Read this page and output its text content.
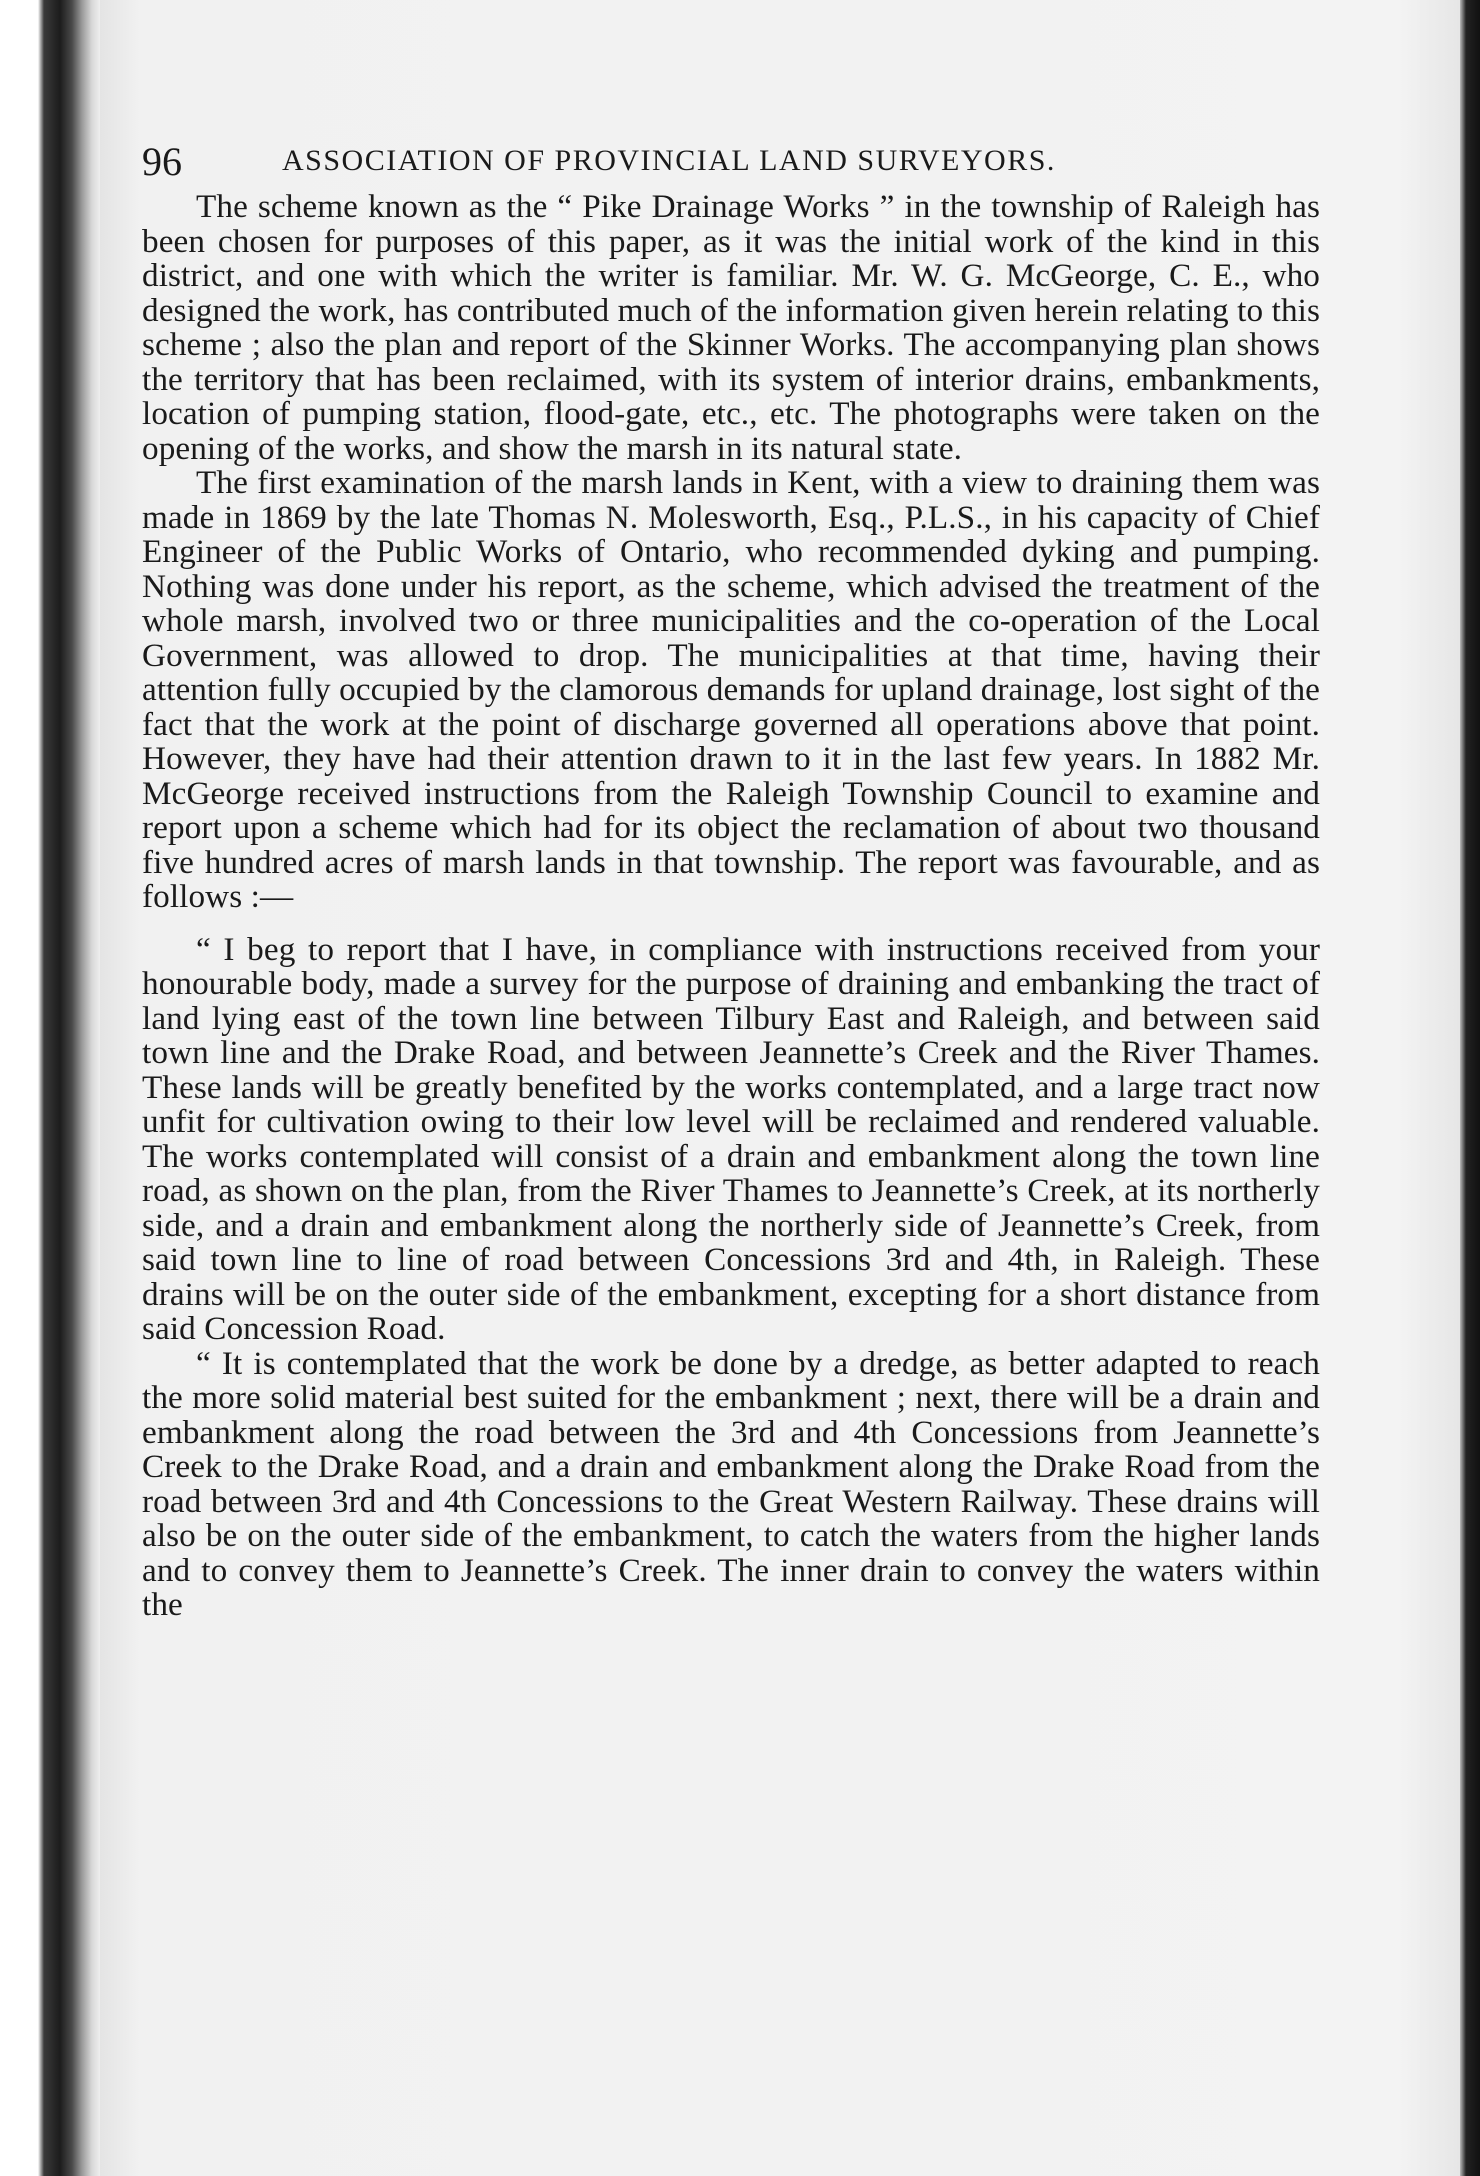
96	ASSOCIATION OF PROVINCIAL LAND SURVEYORS.

The scheme known as the “ Pike Drainage Works ” in the township of Raleigh has been chosen for purposes of this paper, as it was the initial work of the kind in this district, and one with which the writer is familiar. Mr. W. G. McGeorge, C. E., who designed the work, has contributed much of the information given herein relating to this scheme ; also the plan and report of the Skinner Works. The accompanying plan shows the territory that has been reclaimed, with its system of interior drains, embankments, location of pumping station, flood-gate, etc., etc. The photographs were taken on the opening of the works, and show the marsh in its natural state.

The first examination of the marsh lands in Kent, with a view to draining them was made in 1869 by the late Thomas N. Molesworth, Esq., P.L.S., in his capacity of Chief Engineer of the Public Works of Ontario, who recommended dyking and pumping. Nothing was done under his report, as the scheme, which advised the treatment of the whole marsh, involved two or three municipalities and the co-operation of the Local Government, was allowed to drop. The municipalities at that time, having their attention fully occupied by the clamorous demands for upland drainage, lost sight of the fact that the work at the point of discharge governed all operations above that point. However, they have had their attention drawn to it in the last few years. In 1882 Mr. McGeorge received instructions from the Raleigh Township Council to examine and report upon a scheme which had for its object the reclamation of about two thousand five hundred acres of marsh lands in that township. The report was favourable, and as follows :—

“ I beg to report that I have, in compliance with instructions received from your honourable body, made a survey for the purpose of draining and embanking the tract of land lying east of the town line between Tilbury East and Raleigh, and between said town line and the Drake Road, and between Jeannette’s Creek and the River Thames. These lands will be greatly benefited by the works contemplated, and a large tract now unfit for cultivation owing to their low level will be reclaimed and rendered valuable. The works contemplated will consist of a drain and embankment along the town line road, as shown on the plan, from the River Thames to Jeannette’s Creek, at its northerly side, and a drain and embankment along the northerly side of Jeannette’s Creek, from said town line to line of road between Concessions 3rd and 4th, in Raleigh. These drains will be on the outer side of the embankment, excepting for a short distance from said Concession Road.

“ It is contemplated that the work be done by a dredge, as better adapted to reach the more solid material best suited for the embankment ; next, there will be a drain and embankment along the road between the 3rd and 4th Concessions from Jeannette’s Creek to the Drake Road, and a drain and embankment along the Drake Road from the road between 3rd and 4th Concessions to the Great Western Railway. These drains will also be on the outer side of the embankment, to catch the waters from the higher lands and to convey them to Jeannette’s Creek. The inner drain to convey the waters within the
